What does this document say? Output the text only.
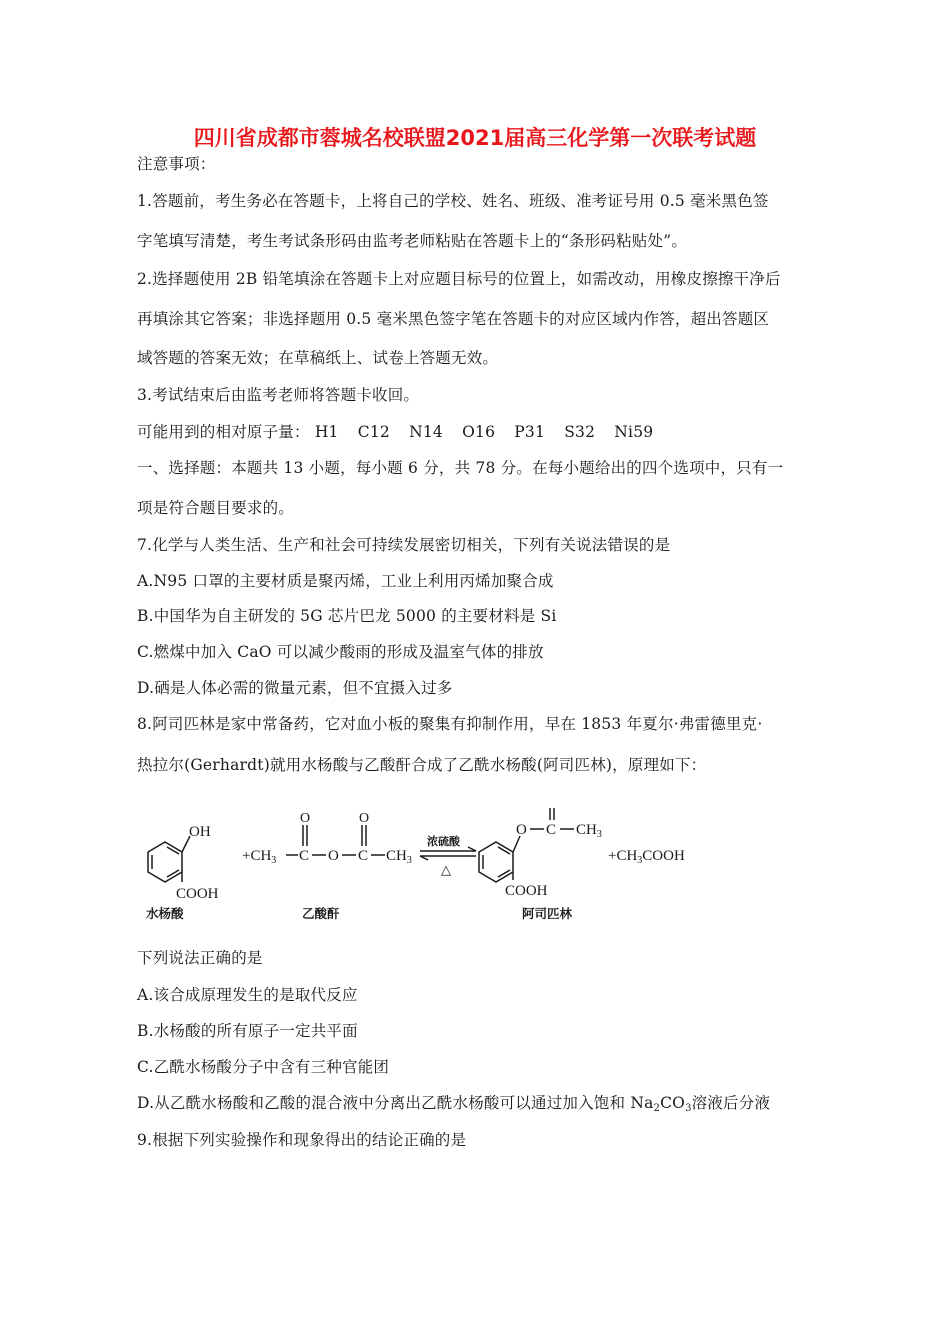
四川省成都市蓉城名校联盟2021届高三化学第一次联考试题
注意事项：
1.答题前，考生务必在答题卡，上将自己的学校、姓名、班级、准考证号用 0.5 毫米黑色签
字笔填写清楚，考生考试条形码由监考老师粘贴在答题卡上的“条形码粘贴处”。
2.选择题使用 2B 铅笔填涂在答题卡上对应题目标号的位置上，如需改动，用橡皮擦擦干净后
再填涂其它答案；非选择题用 0.5 毫米黑色签字笔在答题卡的对应区域内作答，超出答题区
域答题的答案无效；在草稿纸上、试卷上答题无效。
3.考试结束后由监考老师将答题卡收回。
可能用到的相对原子量： H1 C12 N14 O16 P31 S32 Ni59
一、选择题：本题共 13 小题，每小题 6 分，共 78 分。在每小题给出的四个选项中，只有一
项是符合题目要求的。
7.化学与人类生活、生产和社会可持续发展密切相关，下列有关说法错误的是
A.N95 口罩的主要材质是聚丙烯，工业上利用丙烯加聚合成
B.中国华为自主研发的 5G 芯片巴龙 5000 的主要材料是 Si
C.燃煤中加入 CaO 可以减少酸雨的形成及温室气体的排放
D.硒是人体必需的微量元素，但不宜摄入过多
8.阿司匹林是家中常备药，它对血小板的聚集有抑制作用，早在 1853 年夏尔·弗雷德里克·
热拉尔(Gerhardt)就用水杨酸与乙酸酐合成了乙酰水杨酸(阿司匹林)，原理如下：
OH
COOH
$+CH_3$ C
O
O C
O
$CH_3$
浓硫酸
△
O C $CH_3$
COOH
$+CH_3COOH$
水杨酸	乙酸酐	阿司匹林
下列说法正确的是
A.该合成原理发生的是取代反应
B.水杨酸的所有原子一定共平面
C.乙酰水杨酸分子中含有三种官能团
D.从乙酰水杨酸和乙酸的混合液中分离出乙酰水杨酸可以通过加入饱和 $Na_2CO_3$溶液后分液
9.根据下列实验操作和现象得出的结论正确的是
